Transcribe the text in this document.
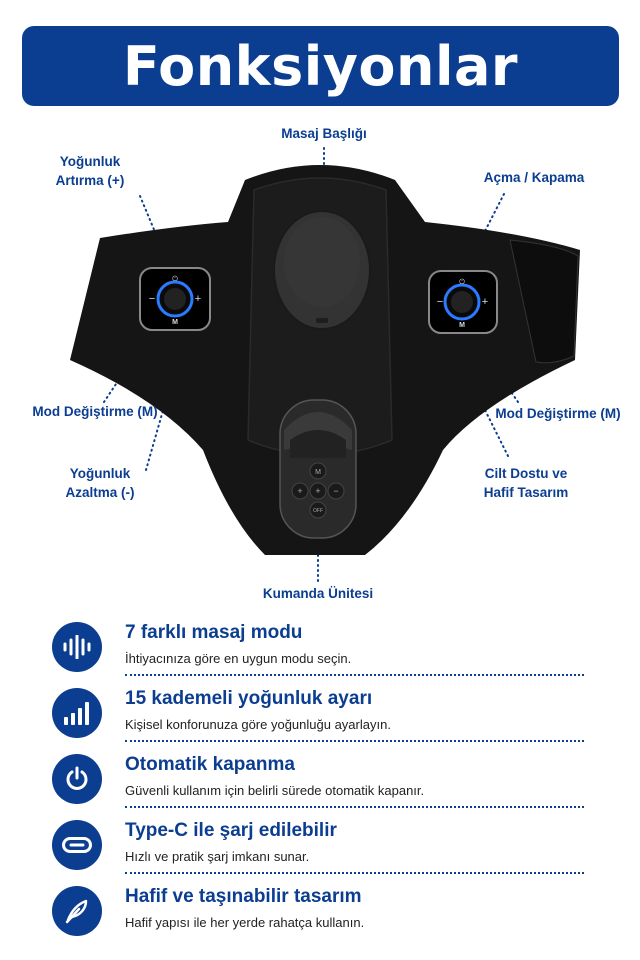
Fonksiyonlar
⏻
−	+
M
⏻
−	+
M
M
+ + −
OFF
Masaj Başlığı
Yoğunluk
Artırma (+)	Açma / Kapama
Mod Değiştirme (M)	Mod Değiştirme (M)
Yoğunluk
Azaltma (-)
Cilt Dostu ve
Hafif Tasarım
Kumanda Ünitesi
7 farklı masaj modu
İhtiyacınıza göre en uygun modu seçin.
15 kademeli yoğunluk ayarı
Kişisel konforunuza göre yoğunluğu ayarlayın.
Otomatik kapanma
Güvenli kullanım için belirli sürede otomatik kapanır.
Type-C ile şarj edilebilir
Hızlı ve pratik şarj imkanı sunar.
Hafif ve taşınabilir tasarım
Hafif yapısı ile her yerde rahatça kullanın.
